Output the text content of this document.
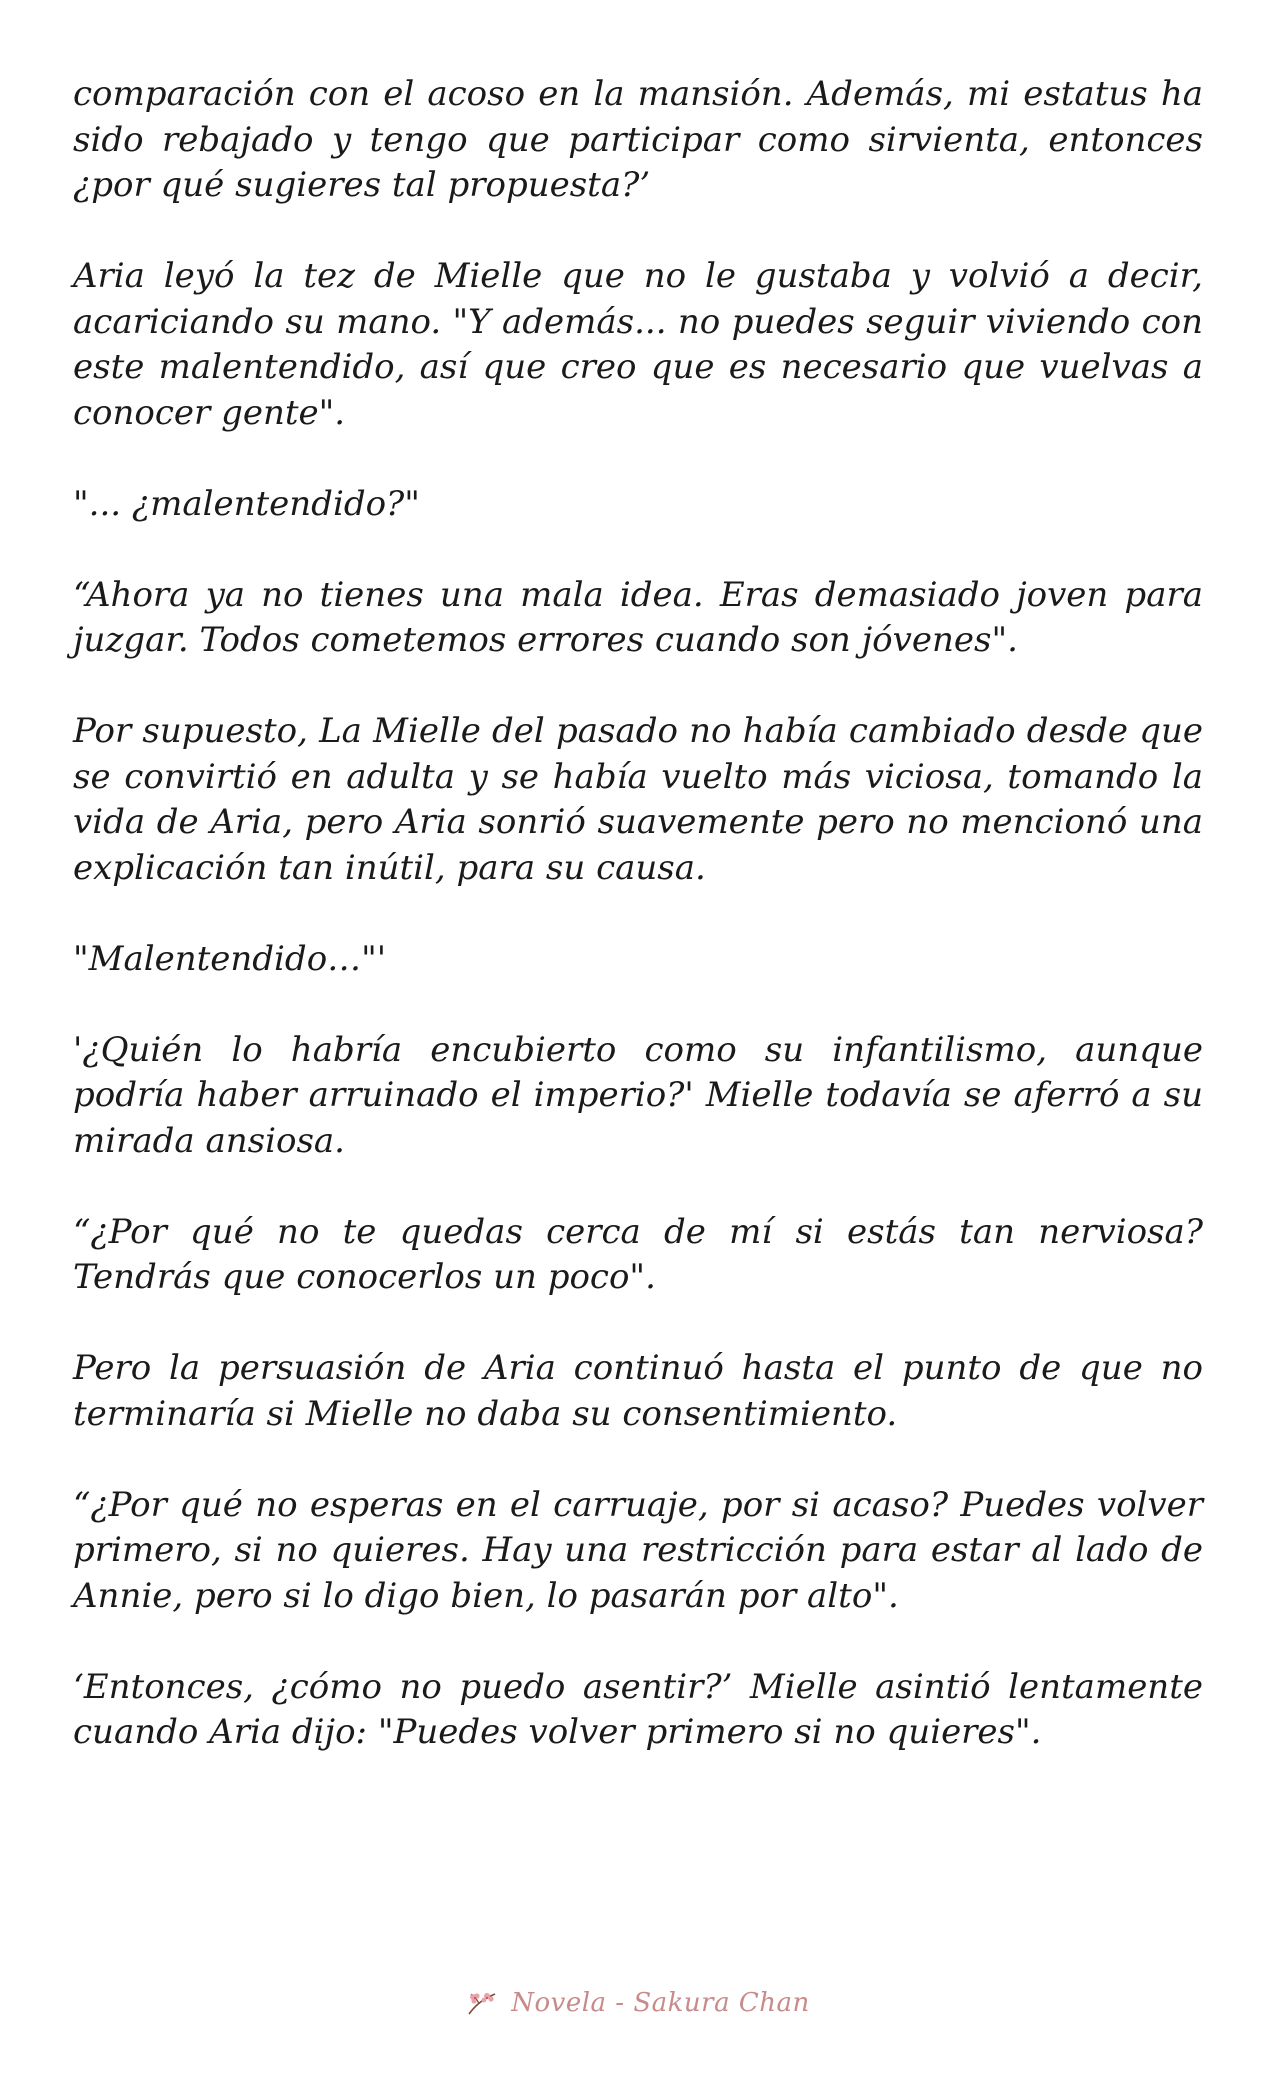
comparación con el acoso en la mansión. Además, mi estatus ha sido rebajado y tengo que participar como sirvienta, entonces ¿por qué sugieres tal propuesta?’

Aria leyó la tez de Mielle que no le gustaba y volvió a decir, acariciando su mano. "Y además... no puedes seguir viviendo con este malentendido, así que creo que es necesario que vuelvas a conocer gente".

"... ¿malentendido?"

“Ahora ya no tienes una mala idea. Eras demasiado joven para juzgar. Todos cometemos errores cuando son jóvenes".

Por supuesto, La Mielle del pasado no había cambiado desde que se convirtió en adulta y se había vuelto más viciosa, tomando la vida de Aria, pero Aria sonrió suavemente pero no mencionó una explicación tan inútil, para su causa.

"Malentendido…"'

'¿Quién lo habría encubierto como su infantilismo, aunque podría haber arruinado el imperio?' Mielle todavía se aferró a su mirada ansiosa.

“¿Por qué no te quedas cerca de mí si estás tan nerviosa? Tendrás que conocerlos un poco".

Pero la persuasión de Aria continuó hasta el punto de que no terminaría si Mielle no daba su consentimiento.

“¿Por qué no esperas en el carruaje, por si acaso? Puedes volver primero, si no quieres. Hay una restricción para estar al lado de Annie, pero si lo digo bien, lo pasarán por alto".

‘Entonces, ¿cómo no puedo asentir?’ Mielle asintió lentamente cuando Aria dijo: "Puedes volver primero si no quieres".

Novela - Sakura Chan
